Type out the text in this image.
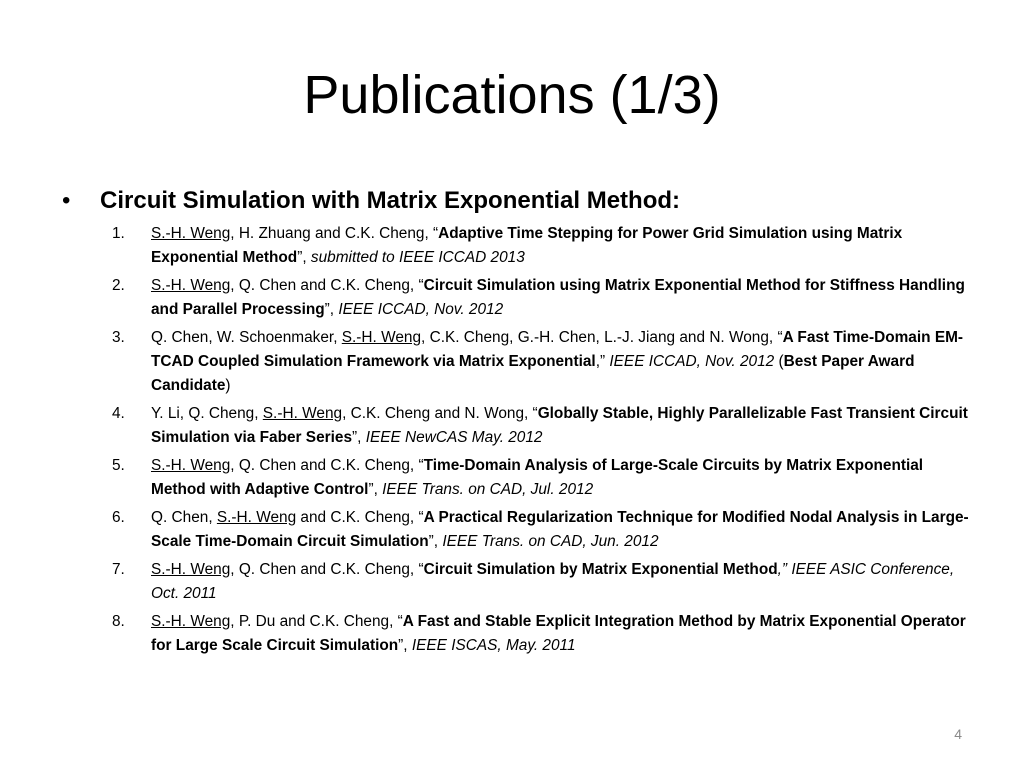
Publications (1/3)
•	Circuit Simulation with Matrix Exponential Method:
1.	S.-H. Weng, H. Zhuang and C.K. Cheng, “Adaptive Time Stepping for Power Grid Simulation using Matrix Exponential Method”, submitted to IEEE ICCAD 2013
2.	S.-H. Weng, Q. Chen and C.K. Cheng, “Circuit Simulation using Matrix Exponential Method for Stiffness Handling and Parallel Processing”, IEEE ICCAD, Nov. 2012
3.	Q. Chen, W. Schoenmaker, S.-H. Weng, C.K. Cheng, G.-H. Chen, L.-J. Jiang and N. Wong, “A Fast Time-Domain EM-TCAD Coupled Simulation Framework via Matrix Exponential,” IEEE ICCAD, Nov. 2012 (Best Paper Award Candidate)
4.	Y. Li, Q. Cheng, S.-H. Weng, C.K. Cheng and N. Wong, “Globally Stable, Highly Parallelizable Fast Transient Circuit Simulation via Faber Series”, IEEE NewCAS May. 2012
5.	S.-H. Weng, Q. Chen and C.K. Cheng, “Time-Domain Analysis of Large-Scale Circuits by Matrix Exponential Method with Adaptive Control”, IEEE Trans. on CAD, Jul. 2012
6.	Q. Chen, S.-H. Weng and C.K. Cheng, “A Practical Regularization Technique for Modified Nodal Analysis in Large-Scale Time-Domain Circuit Simulation”, IEEE Trans. on CAD, Jun. 2012
7.	S.-H. Weng, Q. Chen and C.K. Cheng, “Circuit Simulation by Matrix Exponential Method,” IEEE ASIC Conference, Oct. 2011
8.	S.-H. Weng, P. Du and C.K. Cheng, “A Fast and Stable Explicit Integration Method by Matrix Exponential Operator for Large Scale Circuit Simulation”, IEEE ISCAS, May. 2011
4
